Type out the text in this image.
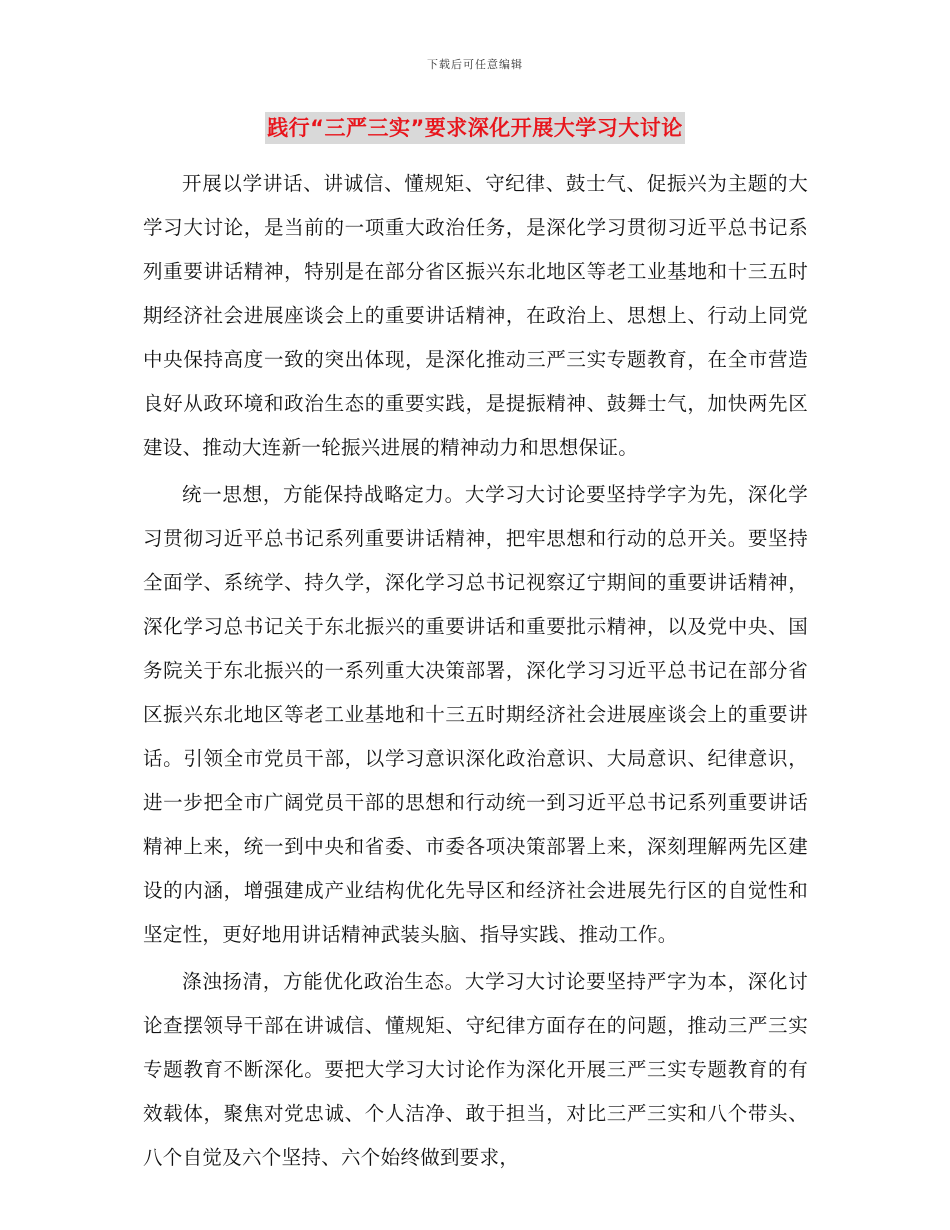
下载后可任意编辑
践行“三严三实”要求深化开展大学习大讨论

开展以学讲话、讲诚信、懂规矩、守纪律、鼓士气、促振兴为主题的大学习大讨论，是当前的一项重大政治任务，是深化学习贯彻习近平总书记系列重要讲话精神，特别是在部分省区振兴东北地区等老工业基地和十三五时期经济社会进展座谈会上的重要讲话精神，在政治上、思想上、行动上同党中央保持高度一致的突出体现，是深化推动三严三实专题教育，在全市营造良好从政环境和政治生态的重要实践，是提振精神、鼓舞士气，加快两先区建设、推动大连新一轮振兴进展的精神动力和思想保证。

统一思想，方能保持战略定力。大学习大讨论要坚持学字为先，深化学习贯彻习近平总书记系列重要讲话精神，把牢思想和行动的总开关。要坚持全面学、系统学、持久学，深化学习总书记视察辽宁期间的重要讲话精神，深化学习总书记关于东北振兴的重要讲话和重要批示精神，以及党中央、国务院关于东北振兴的一系列重大决策部署，深化学习习近平总书记在部分省区振兴东北地区等老工业基地和十三五时期经济社会进展座谈会上的重要讲话。引领全市党员干部，以学习意识深化政治意识、大局意识、纪律意识，进一步把全市广阔党员干部的思想和行动统一到习近平总书记系列重要讲话精神上来，统一到中央和省委、市委各项决策部署上来，深刻理解两先区建设的内涵，增强建成产业结构优化先导区和经济社会进展先行区的自觉性和坚定性，更好地用讲话精神武装头脑、指导实践、推动工作。

涤浊扬清，方能优化政治生态。大学习大讨论要坚持严字为本，深化讨论查摆领导干部在讲诚信、懂规矩、守纪律方面存在的问题，推动三严三实专题教育不断深化。要把大学习大讨论作为深化开展三严三实专题教育的有效载体，聚焦对党忠诚、个人洁净、敢于担当，对比三严三实和八个带头、八个自觉及六个坚持、六个始终做到要求，
